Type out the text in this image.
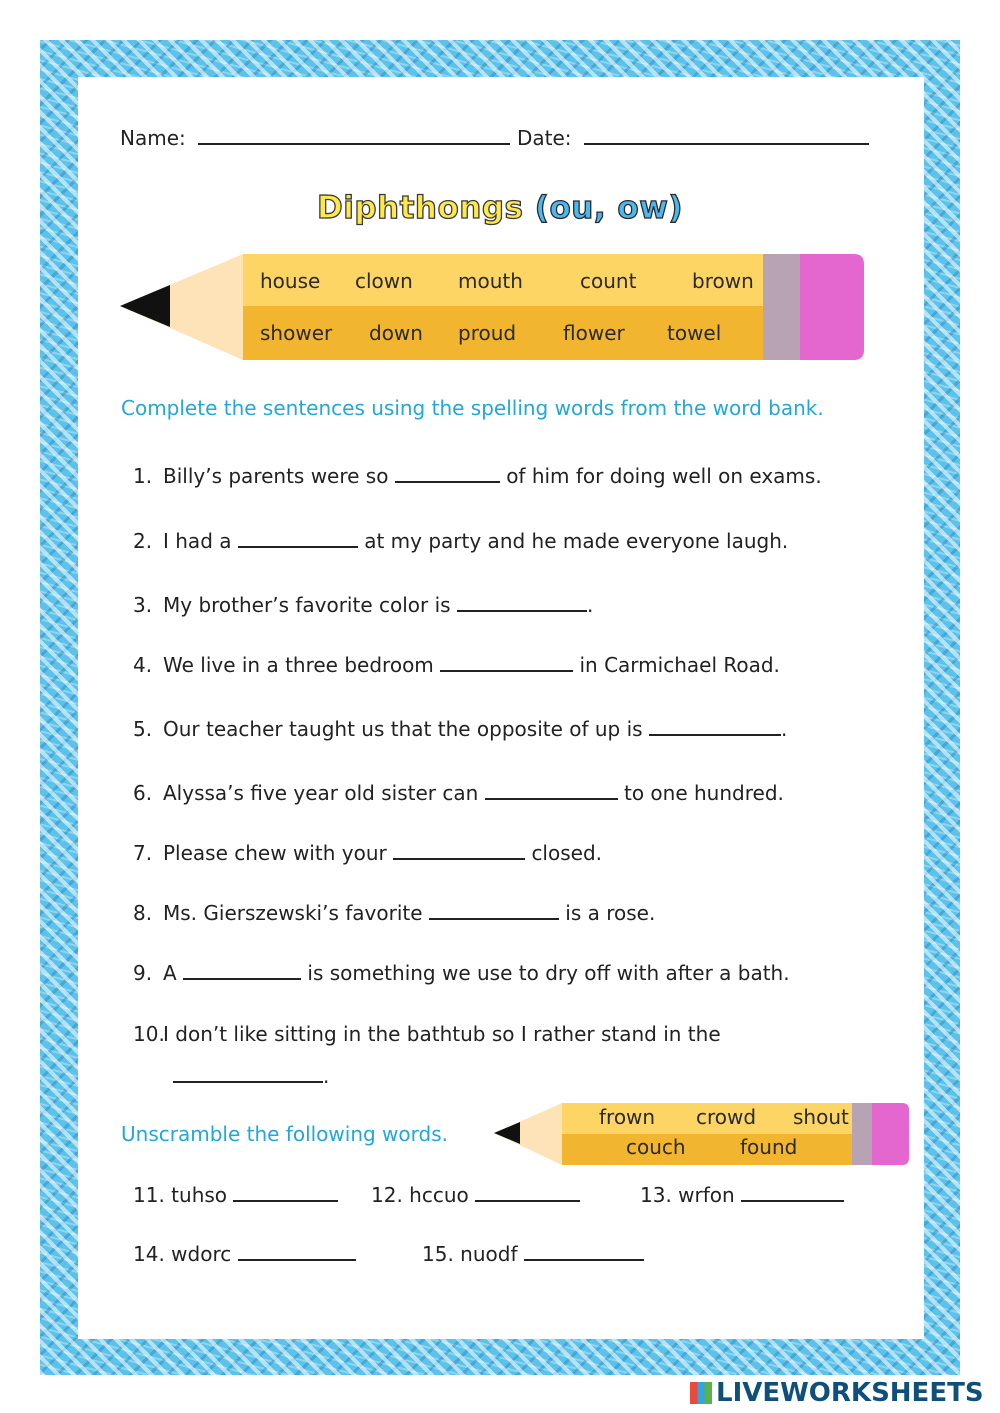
Name:	Date:
Diphthongs (ou, ow)
house clown mouth	count	brown
shower down proud flower towel
Complete the sentences using the spelling words from the word bank.
1. Billy’s parents were so	of him for doing well on exams.
2. I had a	at my party and he made everyone laugh.
3. My brother’s favorite color is	.
4. We live in a three bedroom	in Carmichael Road.
5. Our teacher taught us that the opposite of up is	.
6. Alyssa’s five year old sister can	to one hundred.
7. Please chew with your	closed.
8. Ms. Gierszewski’s favorite	is a rose.
9. A	is something we use to dry off with after a bath.
10.I don’t like sitting in the bathtub so I rather stand in the
.
Unscramble the following words.
frown crowd shout
couch	found
11. tuhso	12. hccuo	13. wrfon
14. wdorc	15. nuodf
LIVEWORKSHEETS
